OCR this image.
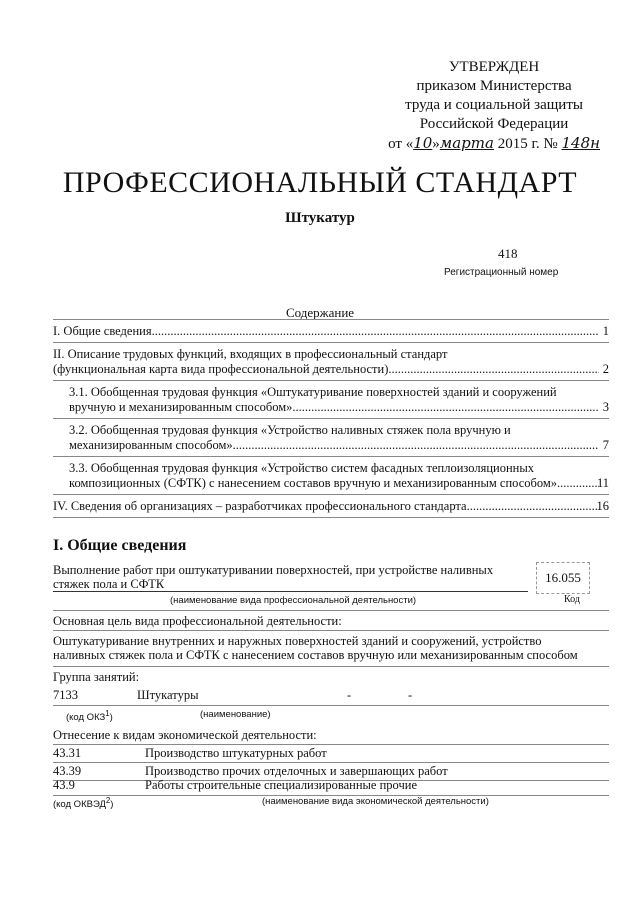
УТВЕРЖДЕН
приказом Министерства
труда и социальной защиты
Российской Федерации
от «10»марта 2015 г. № 148н
ПРОФЕССИОНАЛЬНЫЙ СТАНДАРТ
Штукатур
418
Регистрационный номер
Содержание
I. Общие сведения .....	1
II. Описание трудовых функций, входящих в профессиональный стандарт
(функциональная карта вида профессиональной деятельности) .....	2
3.1. Обобщенная трудовая функция «Оштукатуривание поверхностей зданий и сооружений
вручную и механизированным способом» .....	3
3.2. Обобщенная трудовая функция «Устройство наливных стяжек пола вручную и
механизированным способом» .....	7
3.3. Обобщенная трудовая функция «Устройство систем фасадных теплоизоляционных
композиционных (СФТК) с нанесением составов вручную и механизированным способом» .....	11
IV. Сведения об организациях – разработчиках профессионального стандарта .....	16
I. Общие сведения
Выполнение работ при оштукатуривании поверхностей, при устройстве наливных
стяжек пола и СФТК
(наименование вида профессиональной деятельности)
16.055
Код
Основная цель вида профессиональной деятельности:
Оштукатуривание внутренних и наружных поверхностей зданий и сооружений, устройство
наливных стяжек пола и СФТК с нанесением составов вручную или механизированным способом
Группа занятий:
7133	Штукатуры	-	-
(код ОКЗ$^1$)	(наименование)
Отнесение к видам экономической деятельности:
43.31	Производство штукатурных работ
43.39	Производство прочих отделочных и завершающих работ
43.9	Работы строительные специализированные прочие
(код ОКВЭД$^2$)	(наименование вида экономической деятельности)
